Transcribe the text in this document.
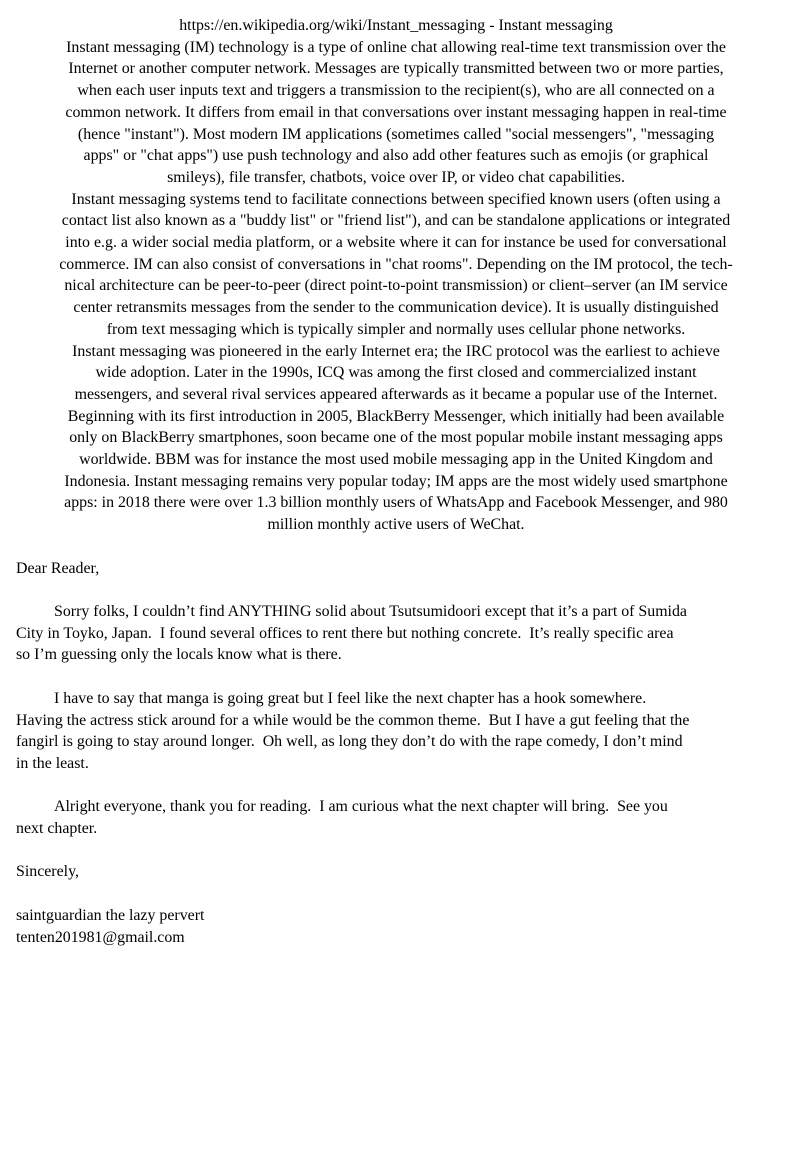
https://en.wikipedia.org/wiki/Instant_messaging - Instant messaging
Instant messaging (IM) technology is a type of online chat allowing real-time text transmission over the
Internet or another computer network. Messages are typically transmitted between two or more parties,
when each user inputs text and triggers a transmission to the recipient(s), who are all connected on a
common network. It differs from email in that conversations over instant messaging happen in real-time
(hence "instant"). Most modern IM applications (sometimes called "social messengers", "messaging
apps" or "chat apps") use push technology and also add other features such as emojis (or graphical
smileys), file transfer, chatbots, voice over IP, or video chat capabilities.
Instant messaging systems tend to facilitate connections between specified known users (often using a
contact list also known as a "buddy list" or "friend list"), and can be standalone applications or integrated
into e.g. a wider social media platform, or a website where it can for instance be used for conversational
commerce. IM can also consist of conversations in "chat rooms". Depending on the IM protocol, the tech-
nical architecture can be peer-to-peer (direct point-to-point transmission) or client–server (an IM service
center retransmits messages from the sender to the communication device). It is usually distinguished
from text messaging which is typically simpler and normally uses cellular phone networks.
Instant messaging was pioneered in the early Internet era; the IRC protocol was the earliest to achieve
wide adoption. Later in the 1990s, ICQ was among the first closed and commercialized instant
messengers, and several rival services appeared afterwards as it became a popular use of the Internet.
Beginning with its first introduction in 2005, BlackBerry Messenger, which initially had been available
only on BlackBerry smartphones, soon became one of the most popular mobile instant messaging apps
worldwide. BBM was for instance the most used mobile messaging app in the United Kingdom and
Indonesia. Instant messaging remains very popular today; IM apps are the most widely used smartphone
apps: in 2018 there were over 1.3 billion monthly users of WhatsApp and Facebook Messenger, and 980
million monthly active users of WeChat.

Dear Reader,

Sorry folks, I couldn’t find ANYTHING solid about Tsutsumidoori except that it’s a part of Sumida
City in Toyko, Japan.  I found several offices to rent there but nothing concrete.  It’s really specific area
so I’m guessing only the locals know what is there.

I have to say that manga is going great but I feel like the next chapter has a hook somewhere.
Having the actress stick around for a while would be the common theme.  But I have a gut feeling that the
fangirl is going to stay around longer.  Oh well, as long they don’t do with the rape comedy, I don’t mind
in the least.

Alright everyone, thank you for reading.  I am curious what the next chapter will bring.  See you
next chapter.

Sincerely,

saintguardian the lazy pervert
tenten201981@gmail.com
